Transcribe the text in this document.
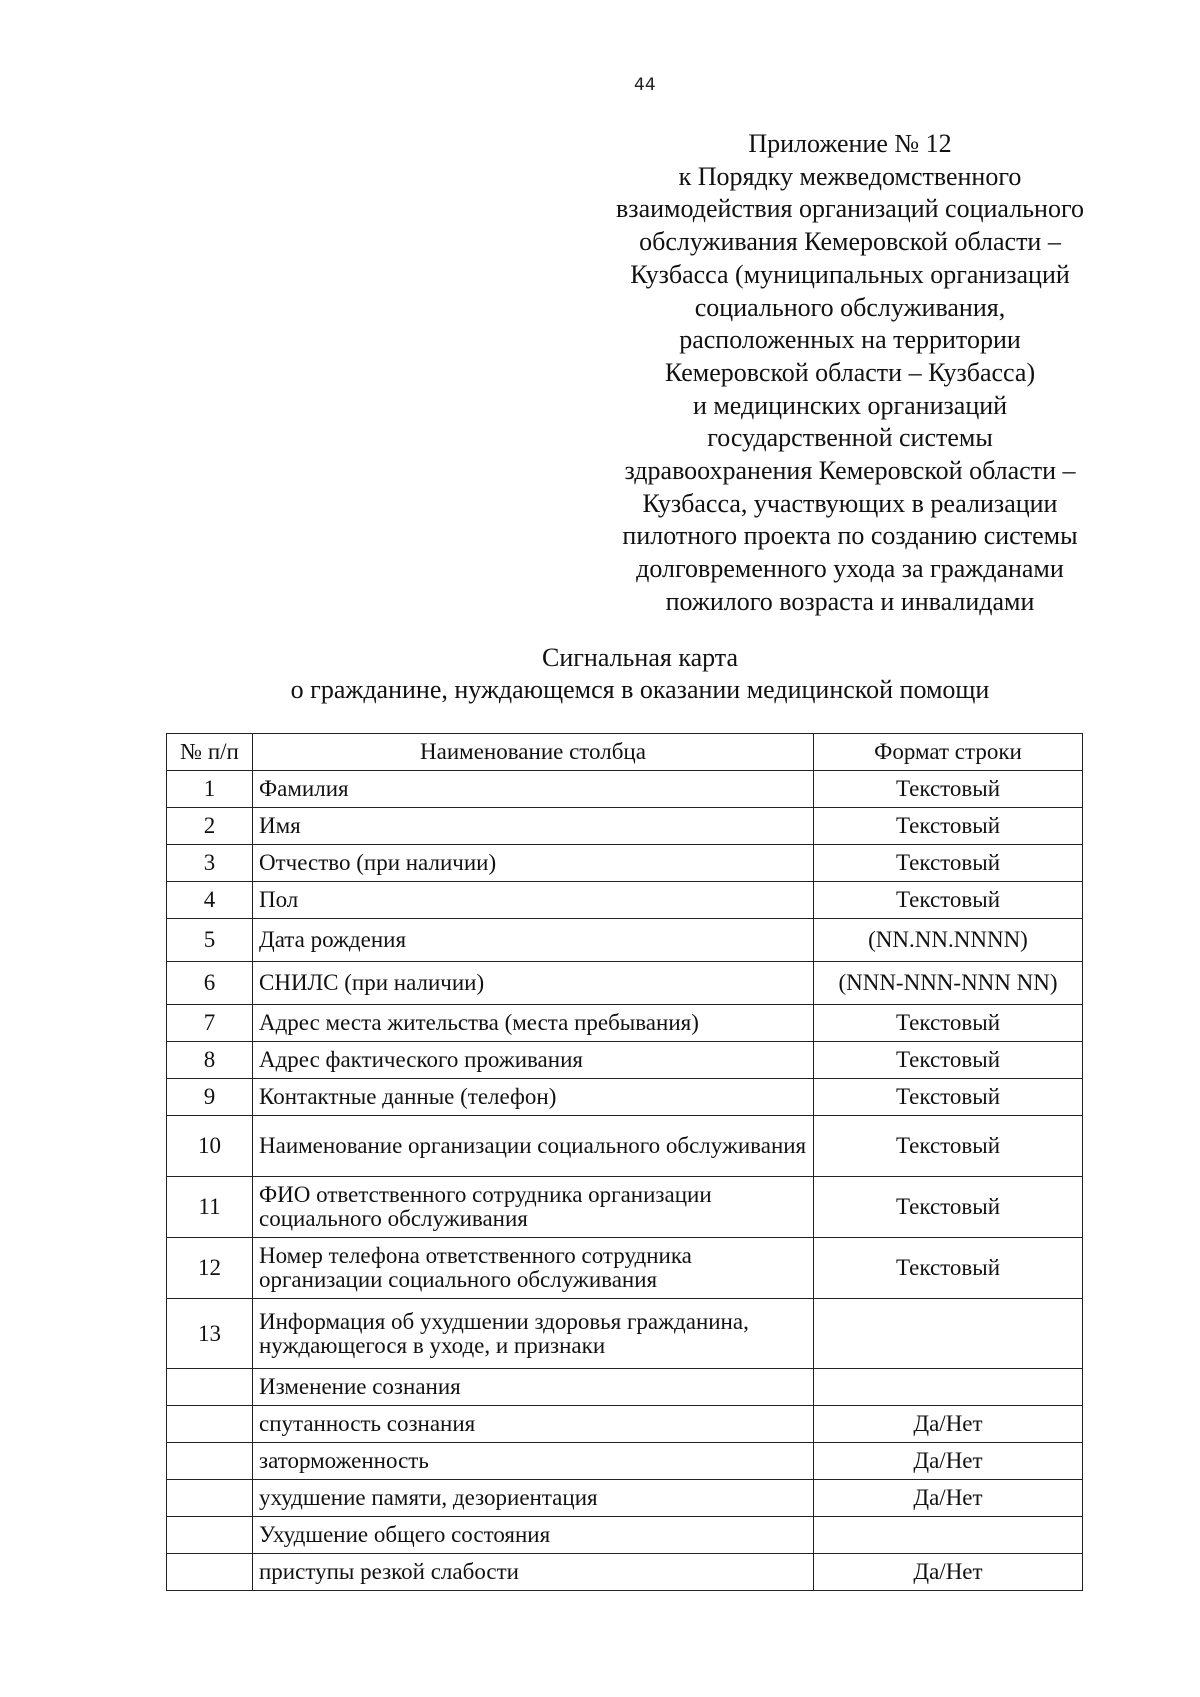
44
Приложение № 12
к Порядку межведомственного
взаимодействия организаций социального
обслуживания Кемеровской области –
Кузбасса (муниципальных организаций
социального обслуживания,
расположенных на территории
Кемеровской области – Кузбасса)
и медицинских организаций
государственной системы
здравоохранения Кемеровской области –
Кузбасса, участвующих в реализации
пилотного проекта по созданию системы
долговременного ухода за гражданами
пожилого возраста и инвалидами
Сигнальная карта
о гражданине, нуждающемся в оказании медицинской помощи
№ п/п	Наименование столбца	Формат строки
1	Фамилия	Текстовый
2	Имя	Текстовый
3	Отчество (при наличии)	Текстовый
4	Пол	Текстовый
5	Дата рождения	(NN.NN.NNNN)
6	СНИЛС (при наличии)	(NNN-NNN-NNN NN)
7	Адрес места жительства (места пребывания)	Текстовый
8	Адрес фактического проживания	Текстовый
9	Контактные данные (телефон)	Текстовый
10	Наименование организации социального обслуживания	Текстовый
11	ФИО ответственного сотрудника организации социального обслуживания	Текстовый
12	Номер телефона ответственного сотрудника организации социального обслуживания	Текстовый
13	Информация об ухудшении здоровья гражданина, нуждающегося в уходе, и признаки	
	Изменение сознания	
	спутанность сознания	Да/Нет
	заторможенность	Да/Нет
	ухудшение памяти, дезориентация	Да/Нет
	Ухудшение общего состояния	
	приступы резкой слабости	Да/Нет
